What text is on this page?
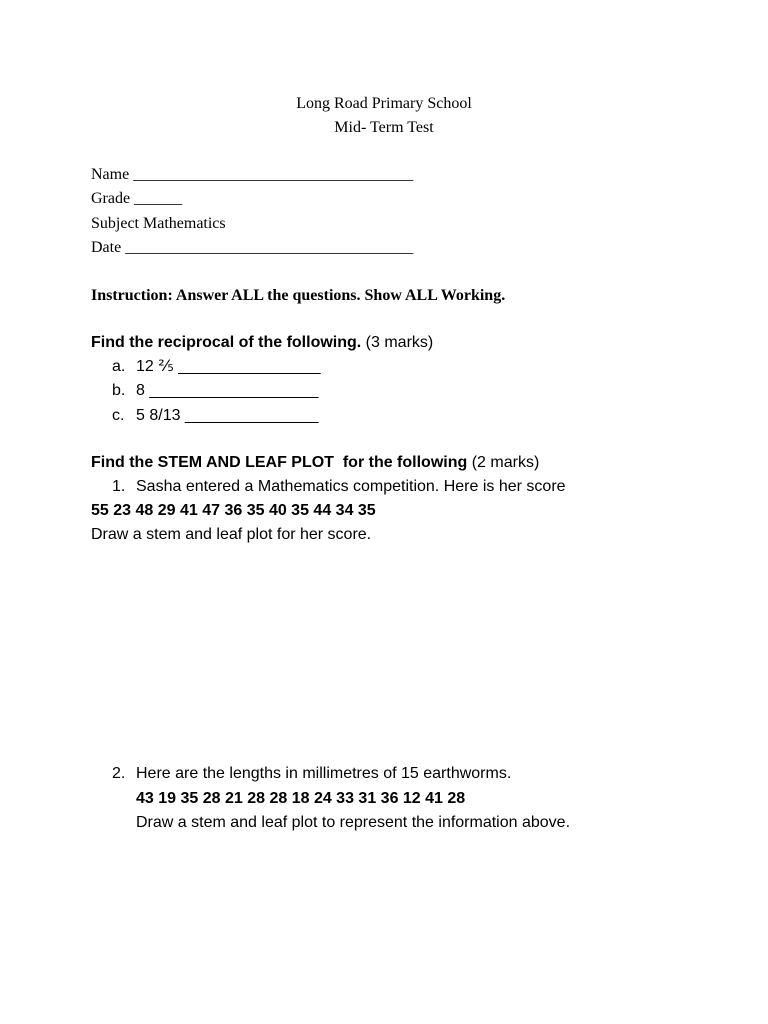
Long Road Primary School
Mid- Term Test
Name ___________________________________
Grade ______
Subject Mathematics
Date ____________________________________
Instruction: Answer ALL the questions. Show ALL Working.
Find the reciprocal of the following. (3 marks)
a. 12 ⅖ ________________
b. 8 ___________________
c. 5 8/13 _______________
Find the STEM AND LEAF PLOT  for the following (2 marks)
1. Sasha entered a Mathematics competition. Here is her score
55 23 48 29 41 47 36 35 40 35 44 34 35
Draw a stem and leaf plot for her score.
2. Here are the lengths in millimetres of 15 earthworms.
43 19 35 28 21 28 28 18 24 33 31 36 12 41 28
Draw a stem and leaf plot to represent the information above.
